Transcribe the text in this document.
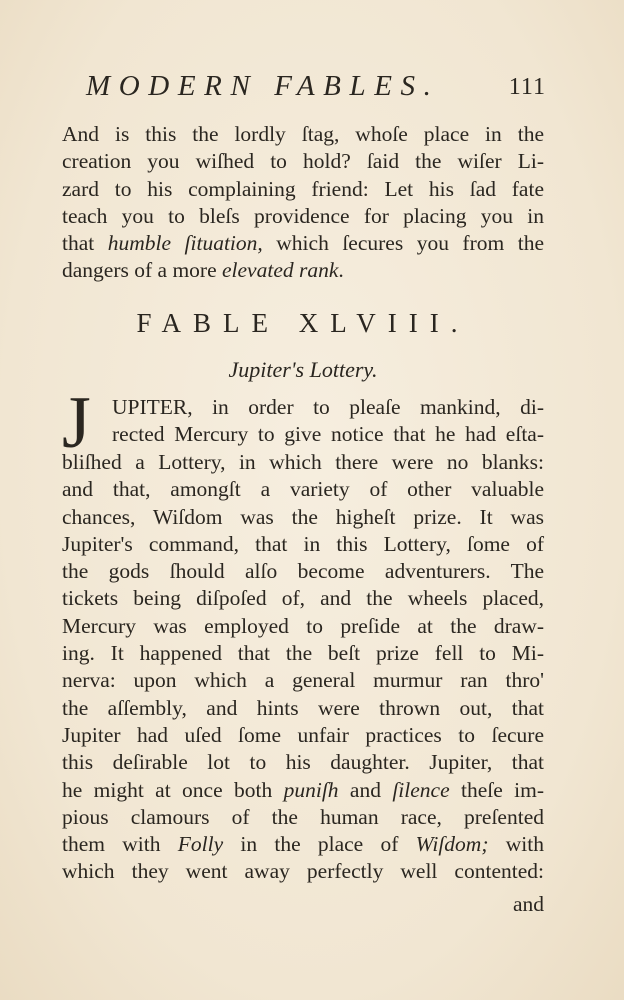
MODERN FABLES.	111
And is this the lordly ſtag, whoſe place in the
creation you wiſhed to hold? ſaid the wiſer Li-
zard to his complaining friend: Let his ſad fate
teach you to bleſs providence for placing you in
that humble ſituation, which ſecures you from the
dangers of a more elevated rank.
FABLE XLVIII.
Jupiter's Lottery.
J UPITER, in order to pleaſe mankind, di-
rected Mercury to give notice that he had eſta-
bliſhed a Lottery, in which there were no blanks:
and that, amongſt a variety of other valuable
chances, Wiſdom was the higheſt prize. It was
Jupiter's command, that in this Lottery, ſome of
the gods ſhould alſo become adventurers. The
tickets being diſpoſed of, and the wheels placed,
Mercury was employed to preſide at the draw-
ing. It happened that the beſt prize fell to Mi-
nerva: upon which a general murmur ran thro'
the aſſembly, and hints were thrown out, that
Jupiter had uſed ſome unfair practices to ſecure
this deſirable lot to his daughter. Jupiter, that
he might at once both puniſh and ſilence theſe im-
pious clamours of the human race, preſented
them with Folly in the place of Wiſdom; with
which they went away perfectly well contented:
and
